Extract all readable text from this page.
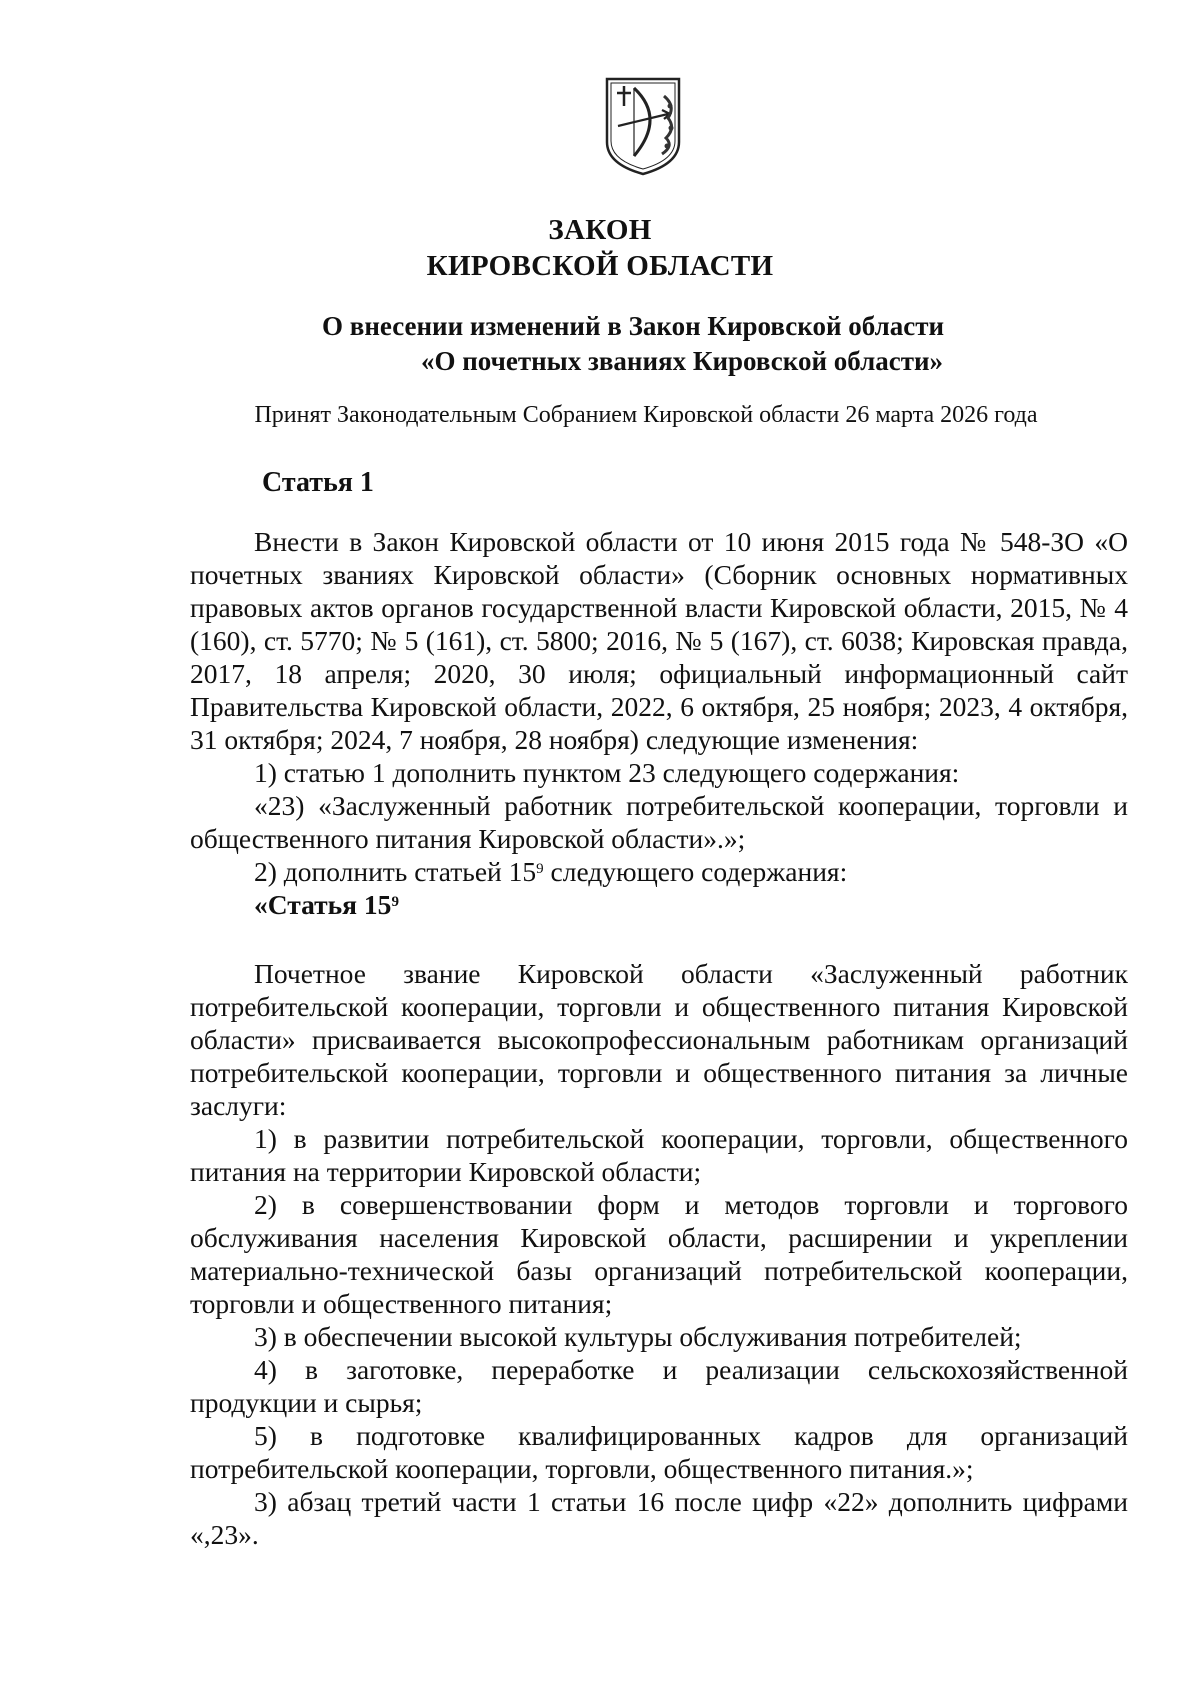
ЗАКОН
КИРОВСКОЙ ОБЛАСТИ
О внесении изменений в Закон Кировской области
«О почетных званиях Кировской области»
Принят Законодательным Собранием Кировской области 26 марта 2026 года
Статья 1

Внести в Закон Кировской области от 10 июня 2015 года № 548-ЗО «О почетных званиях Кировской области» (Сборник основных нормативных правовых актов органов государственной власти Кировской области, 2015, № 4 (160), ст. 5770; № 5 (161), ст. 5800; 2016, № 5 (167), ст. 6038; Кировская правда, 2017, 18 апреля; 2020, 30 июля; официальный информационный сайт Правительства Кировской области, 2022, 6 октября, 25 ноября; 2023, 4 октября, 31 октября; 2024, 7 ноября, 28 ноября) следующие изменения:

1) статью 1 дополнить пунктом 23 следующего содержания:

«23) «Заслуженный работник потребительской кооперации, торговли и общественного питания Кировской области».»;

2) дополнить статьей $15^9$ следующего содержания:

«Статья $15^9$

Почетное звание Кировской области «Заслуженный работник потребительской кооперации, торговли и общественного питания Кировской области» присваивается высокопрофессиональным работникам организаций потребительской кооперации, торговли и общественного питания за личные заслуги:

1) в развитии потребительской кооперации, торговли, общественного питания на территории Кировской области;

2) в совершенствовании форм и методов торговли и торгового обслуживания населения Кировской области, расширении и укреплении материально-технической базы организаций потребительской кооперации, торговли и общественного питания;

3) в обеспечении высокой культуры обслуживания потребителей;

4) в заготовке, переработке и реализации сельскохозяйственной продукции и сырья;

5) в подготовке квалифицированных кадров для организаций потребительской кооперации, торговли, общественного питания.»;

3) абзац третий части 1 статьи 16 после цифр «22» дополнить цифрами «,23».
